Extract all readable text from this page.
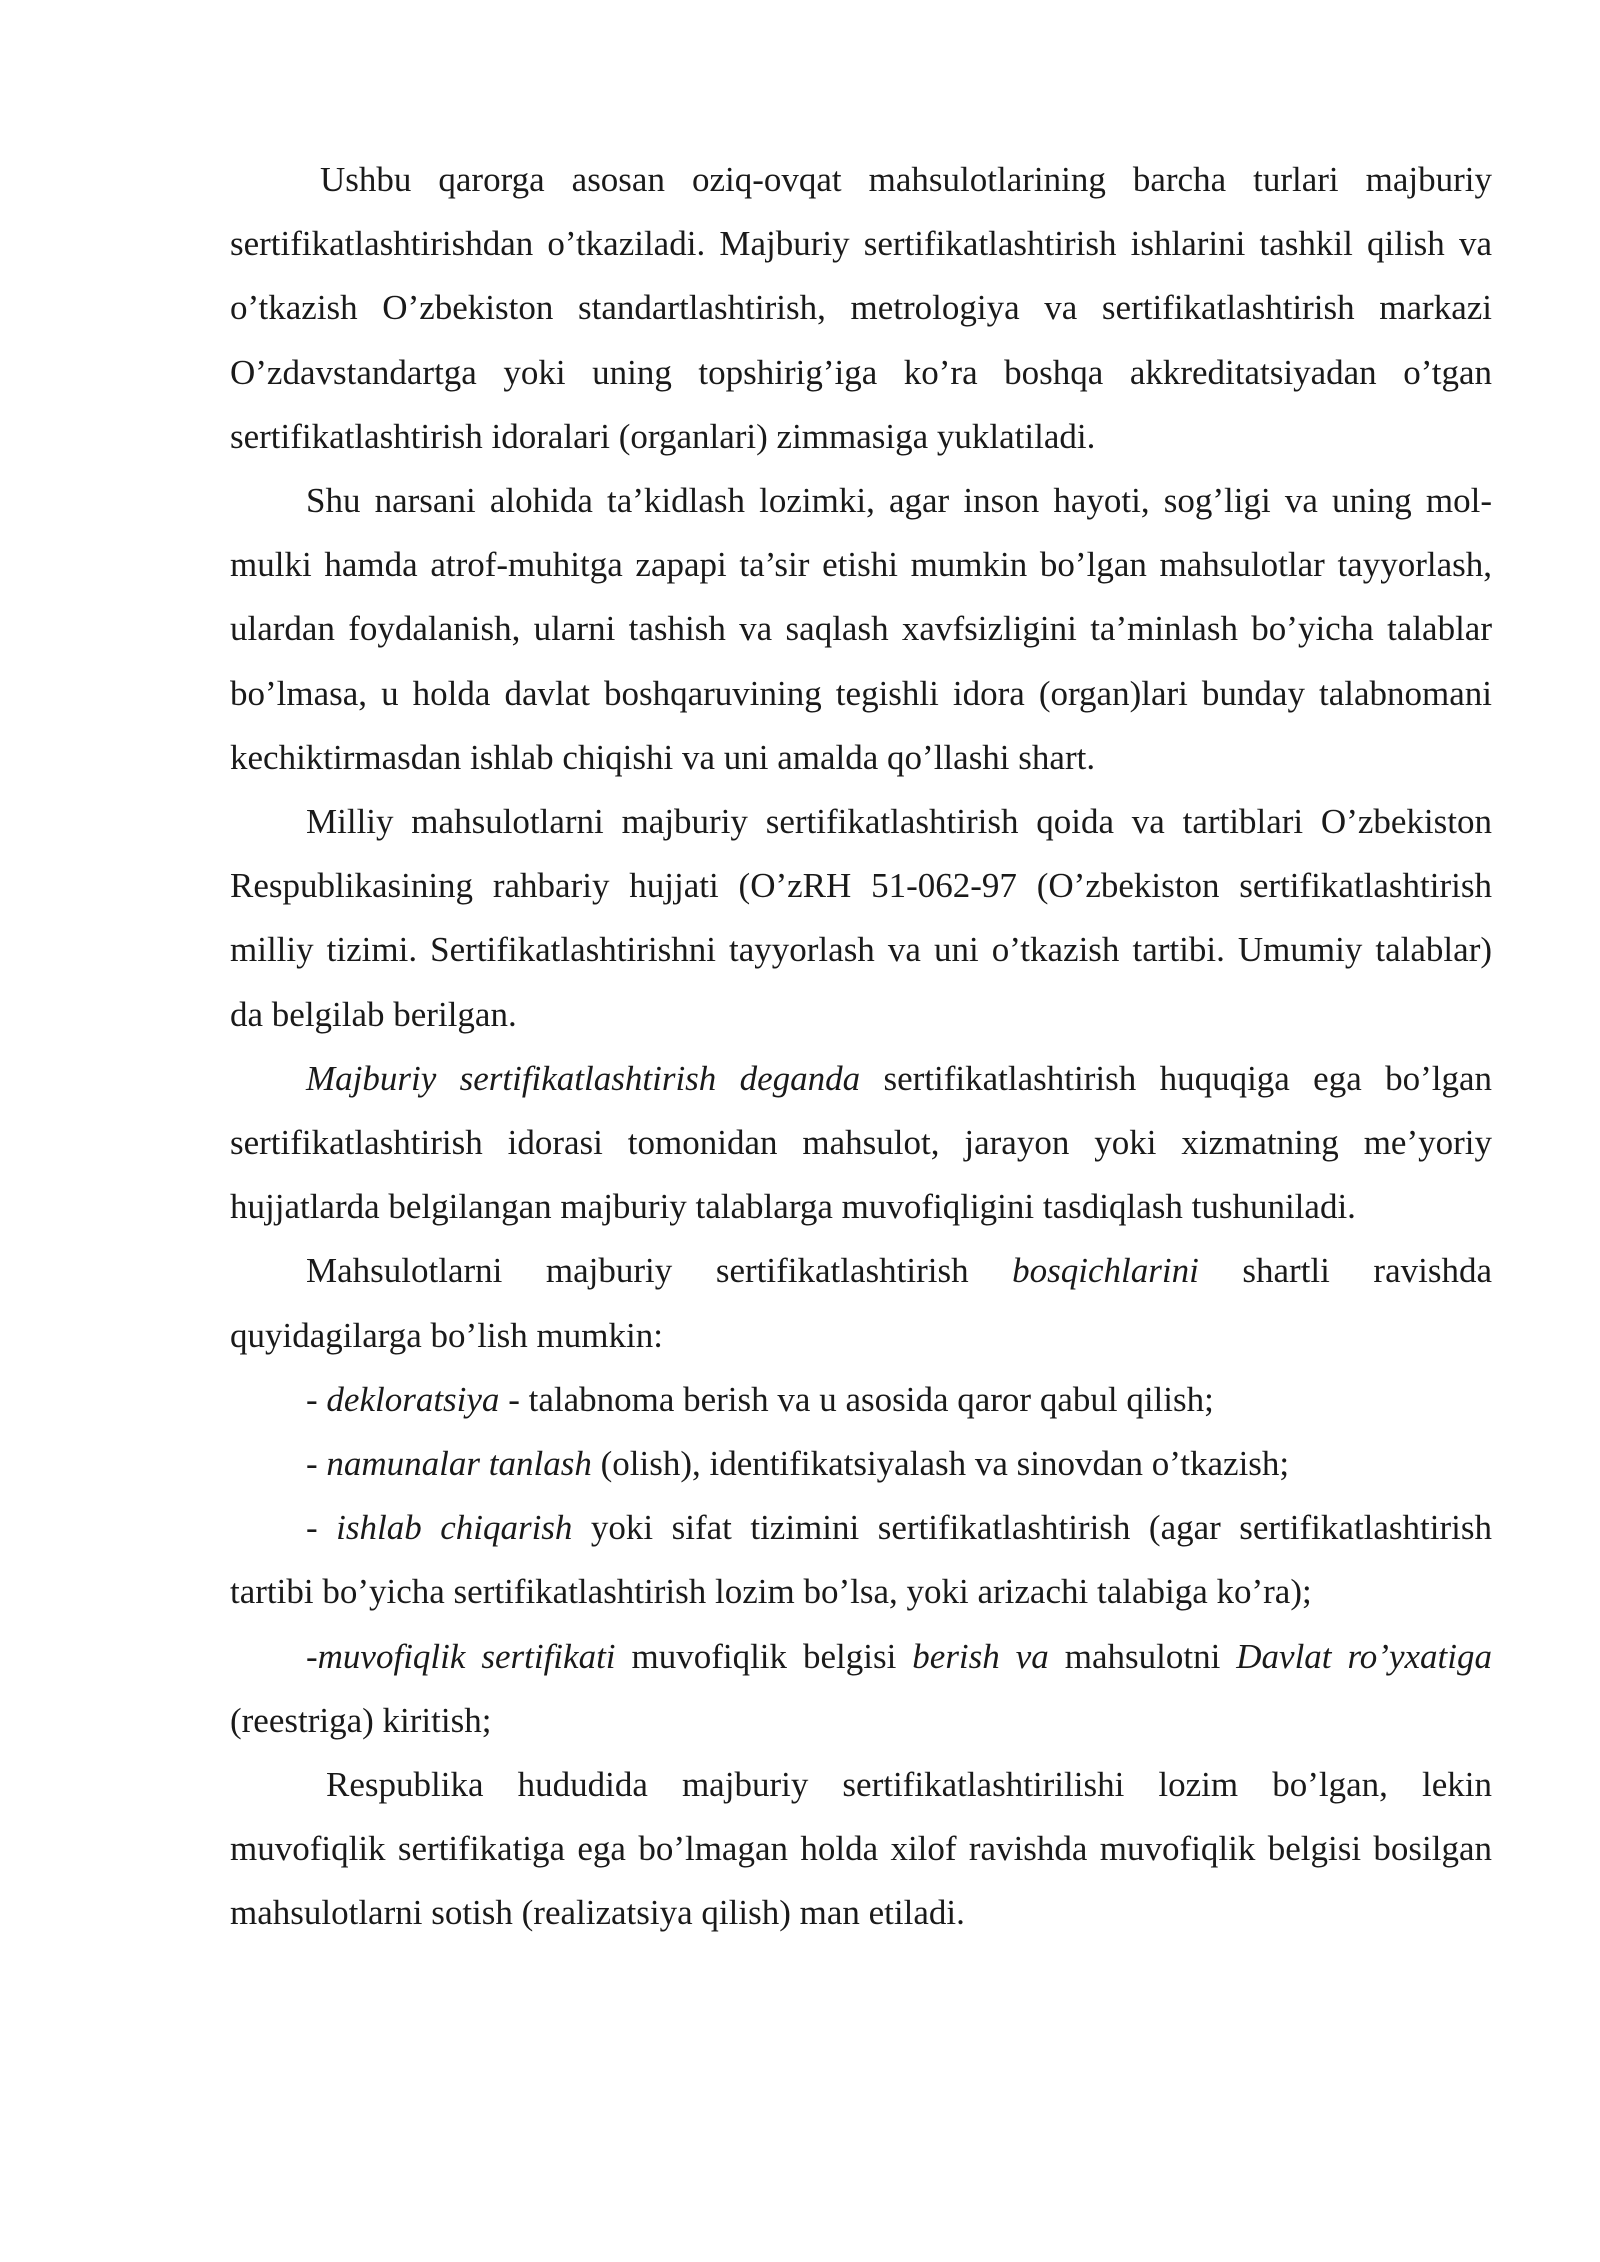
Ushbu qarorga asosan oziq-ovqat mahsulotlarining barcha turlari majburiy sertifikatlashtirishdan o’tkaziladi. Majburiy sertifikatlashtirish ishlarini tashkil qilish va o’tkazish O’zbekiston standartlashtirish, metrologiya va sertifikatlashtirish markazi O’zdavstandartga yoki uning topshirig’iga ko’ra boshqa akkreditatsiyadan o’tgan sertifikatlashtirish idoralari (organlari) zimmasiga yuklatiladi.

Shu narsani alohida ta’kidlash lozimki, agar inson hayoti, sog’ligi va uning mol-mulki hamda atrof-muhitga zapapi ta’sir etishi mumkin bo’lgan mahsulotlar tayyorlash, ulardan foydalanish, ularni tashish va saqlash xavfsizligini ta’minlash bo’yicha talablar bo’lmasa, u holda davlat boshqaruvining tegishli idora (organ)lari bunday talabnomani kechiktirmasdan ishlab chiqishi va uni amalda qo’llashi shart.

Milliy mahsulotlarni majburiy sertifikatlashtirish qoida va tartiblari O’zbekiston Respublikasining rahbariy hujjati (O’zRH 51-062-97 (O’zbekiston sertifikatlashtirish milliy tizimi. Sertifikatlashtirishni tayyorlash va uni o’tkazish tartibi. Umumiy talablar) da belgilab berilgan.

Majburiy sertifikatlashtirish deganda sertifikatlashtirish huquqiga ega bo’lgan sertifikatlashtirish idorasi tomonidan mahsulot, jarayon yoki xizmatning me’yoriy hujjatlarda belgilangan majburiy talablarga muvofiqligini tasdiqlash tushuniladi.

Mahsulotlarni majburiy sertifikatlashtirish bosqichlarini shartli ravishda quyidagilarga bo’lish mumkin:

- dekloratsiya - talabnoma berish va u asosida qaror qabul qilish;

- namunalar tanlash (olish), identifikatsiyalash va sinovdan o’tkazish;

- ishlab chiqarish yoki sifat tizimini sertifikatlashtirish (agar sertifikatlashtirish tartibi bo’yicha sertifikatlashtirish lozim bo’lsa, yoki arizachi talabiga ko’ra);

-muvofiqlik sertifikati muvofiqlik belgisi berish va mahsulotni Davlat ro’yxatiga (reestriga) kiritish;

Respublika hududida majburiy sertifikatlashtirilishi lozim bo’lgan, lekin muvofiqlik sertifikatiga ega bo’lmagan holda xilof ravishda muvofiqlik belgisi bosilgan mahsulotlarni sotish (realizatsiya qilish) man etiladi.
